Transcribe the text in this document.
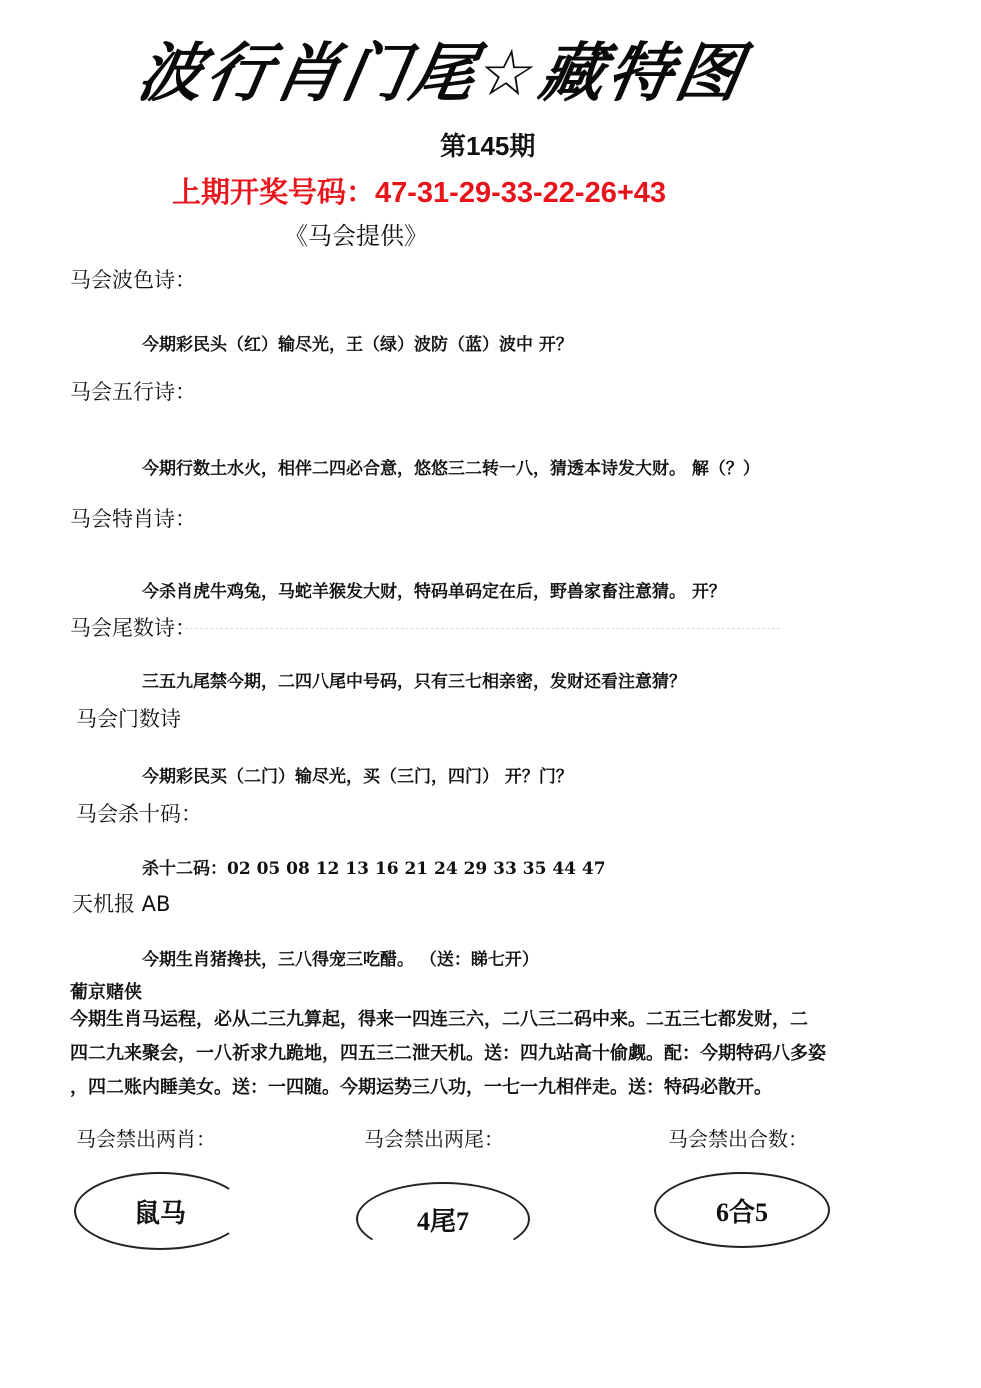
波行肖门尾☆藏特图
第145期
上期开奖号码：47-31-29-33-22-26+43
《马会提供》
马会波色诗：
今期彩民头（红）输尽光，王（绿）波防（蓝）波中 开？
马会五行诗：
今期行数土水火，相伴二四必合意，悠悠三二转一八，猜透本诗发大财。 解（？）
马会特肖诗：
今杀肖虎牛鸡兔，马蛇羊猴发大财，特码单码定在后，野兽家畜注意猜。 开？
马会尾数诗：
三五九尾禁今期，二四八尾中号码，只有三七相亲密，发财还看注意猜？
马会门数诗
今期彩民买（二门）输尽光，买（三门，四门） 开？门？
马会杀十码：
杀十二码：02 05 08 12 13 16 21 24 29 33 35 44 47
天机报 AB
今期生肖猪搀扶，三八得宠三吃醋。 （送：睇七开）
葡京赌侠

今期生肖马运程，必从二三九算起，得来一四连三六，二八三二码中来。二五三七都发财，二

四二九来聚会，一八祈求九跪地，四五三二泄天机。送：四九站高十偷觑。配：今期特码八多姿

，四二账内睡美女。送：一四随。今期运势三八功，一七一九相伴走。送：特码必散开。

马会禁出两肖：	马会禁出两尾：	马会禁出合数：
鼠马	4尾7	6合5
